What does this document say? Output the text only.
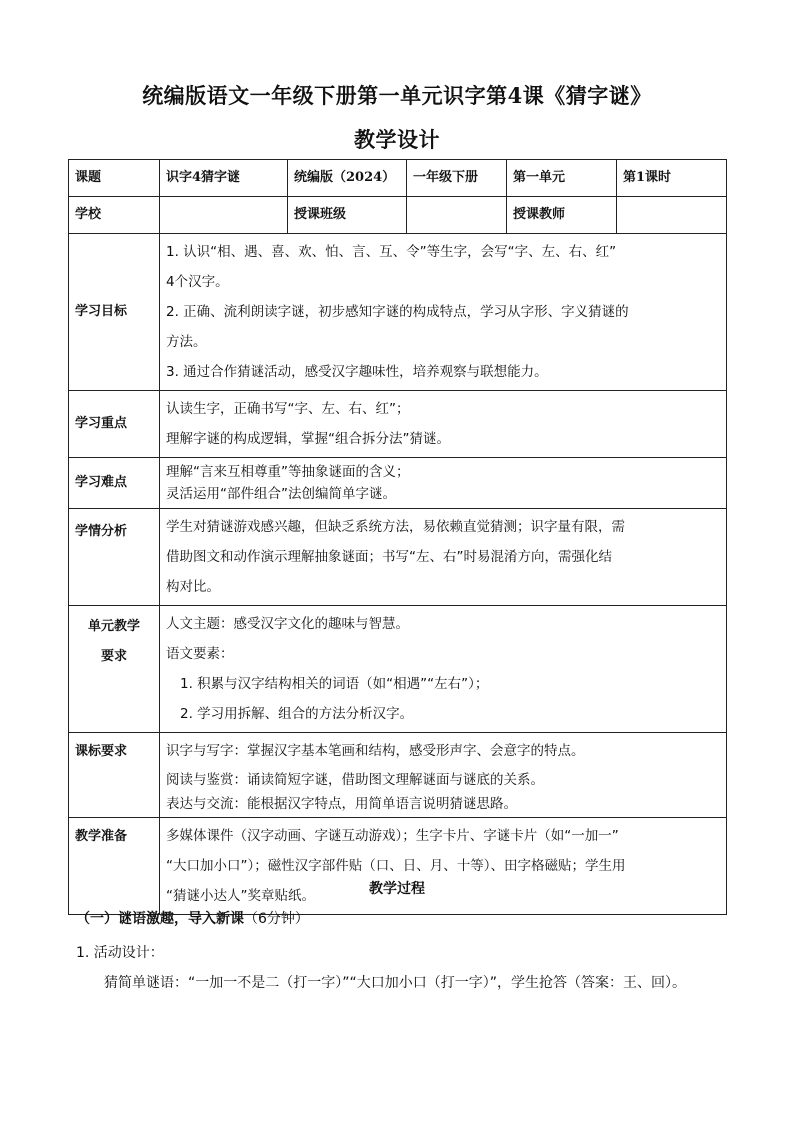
统编版语文一年级下册第一单元识字第4课《猜字谜》
教学设计
课题	识字4猜字谜	统编版（2024）	一年级下册	第一单元	第1课时
学校		授课班级		授课教师	
学习目标	1. 认识“相、遇、喜、欢、怕、言、互、令”等生字，会写“字、左、右、红”
4个汉字。
2. 正确、流利朗读字谜，初步感知字谜的构成特点，学习从字形、字义猜谜的
方法。
3. 通过合作猜谜活动，感受汉字趣味性，培养观察与联想能力。				

学习重点	认读生字，正确书写“字、左、右、红”；
理解字谜的构成逻辑，掌握“组合拆分法”猜谜。				

学习难点	理解“言来互相尊重”等抽象谜面的含义；
灵活运用“部件组合”法创编简单字谜。				

学情分析	学生对猜谜游戏感兴趣，但缺乏系统方法，易依赖直觉猜测；识字量有限，需
借助图文和动作演示理解抽象谜面；书写“左、右”时易混淆方向，需强化结
构对比。				

单元教学
要求	人文主题：感受汉字文化的趣味与智慧。
语文要素：
1. 积累与汉字结构相关的词语（如“相遇”“左右”）；
2. 学习用拆解、组合的方法分析汉字。				

课标要求	识字与写字：掌握汉字基本笔画和结构，感受形声字、会意字的特点。
阅读与鉴赏：诵读简短字谜，借助图文理解谜面与谜底的关系。
表达与交流：能根据汉字特点，用简单语言说明猜谜思路。				

教学准备	多媒体课件（汉字动画、字谜互动游戏）；生字卡片、字谜卡片（如“一加一”
“大口加小口”）；磁性汉字部件贴（口、日、月、十等）、田字格磁贴；学生用
“猜谜小达人”奖章贴纸。					教学过程
（一）谜语激趣，导入新课（6分钟）
1. 活动设计：
猜简单谜语：“一加一不是二（打一字）”“大口加小口（打一字）”，学生抢答（答案：王、回）。
